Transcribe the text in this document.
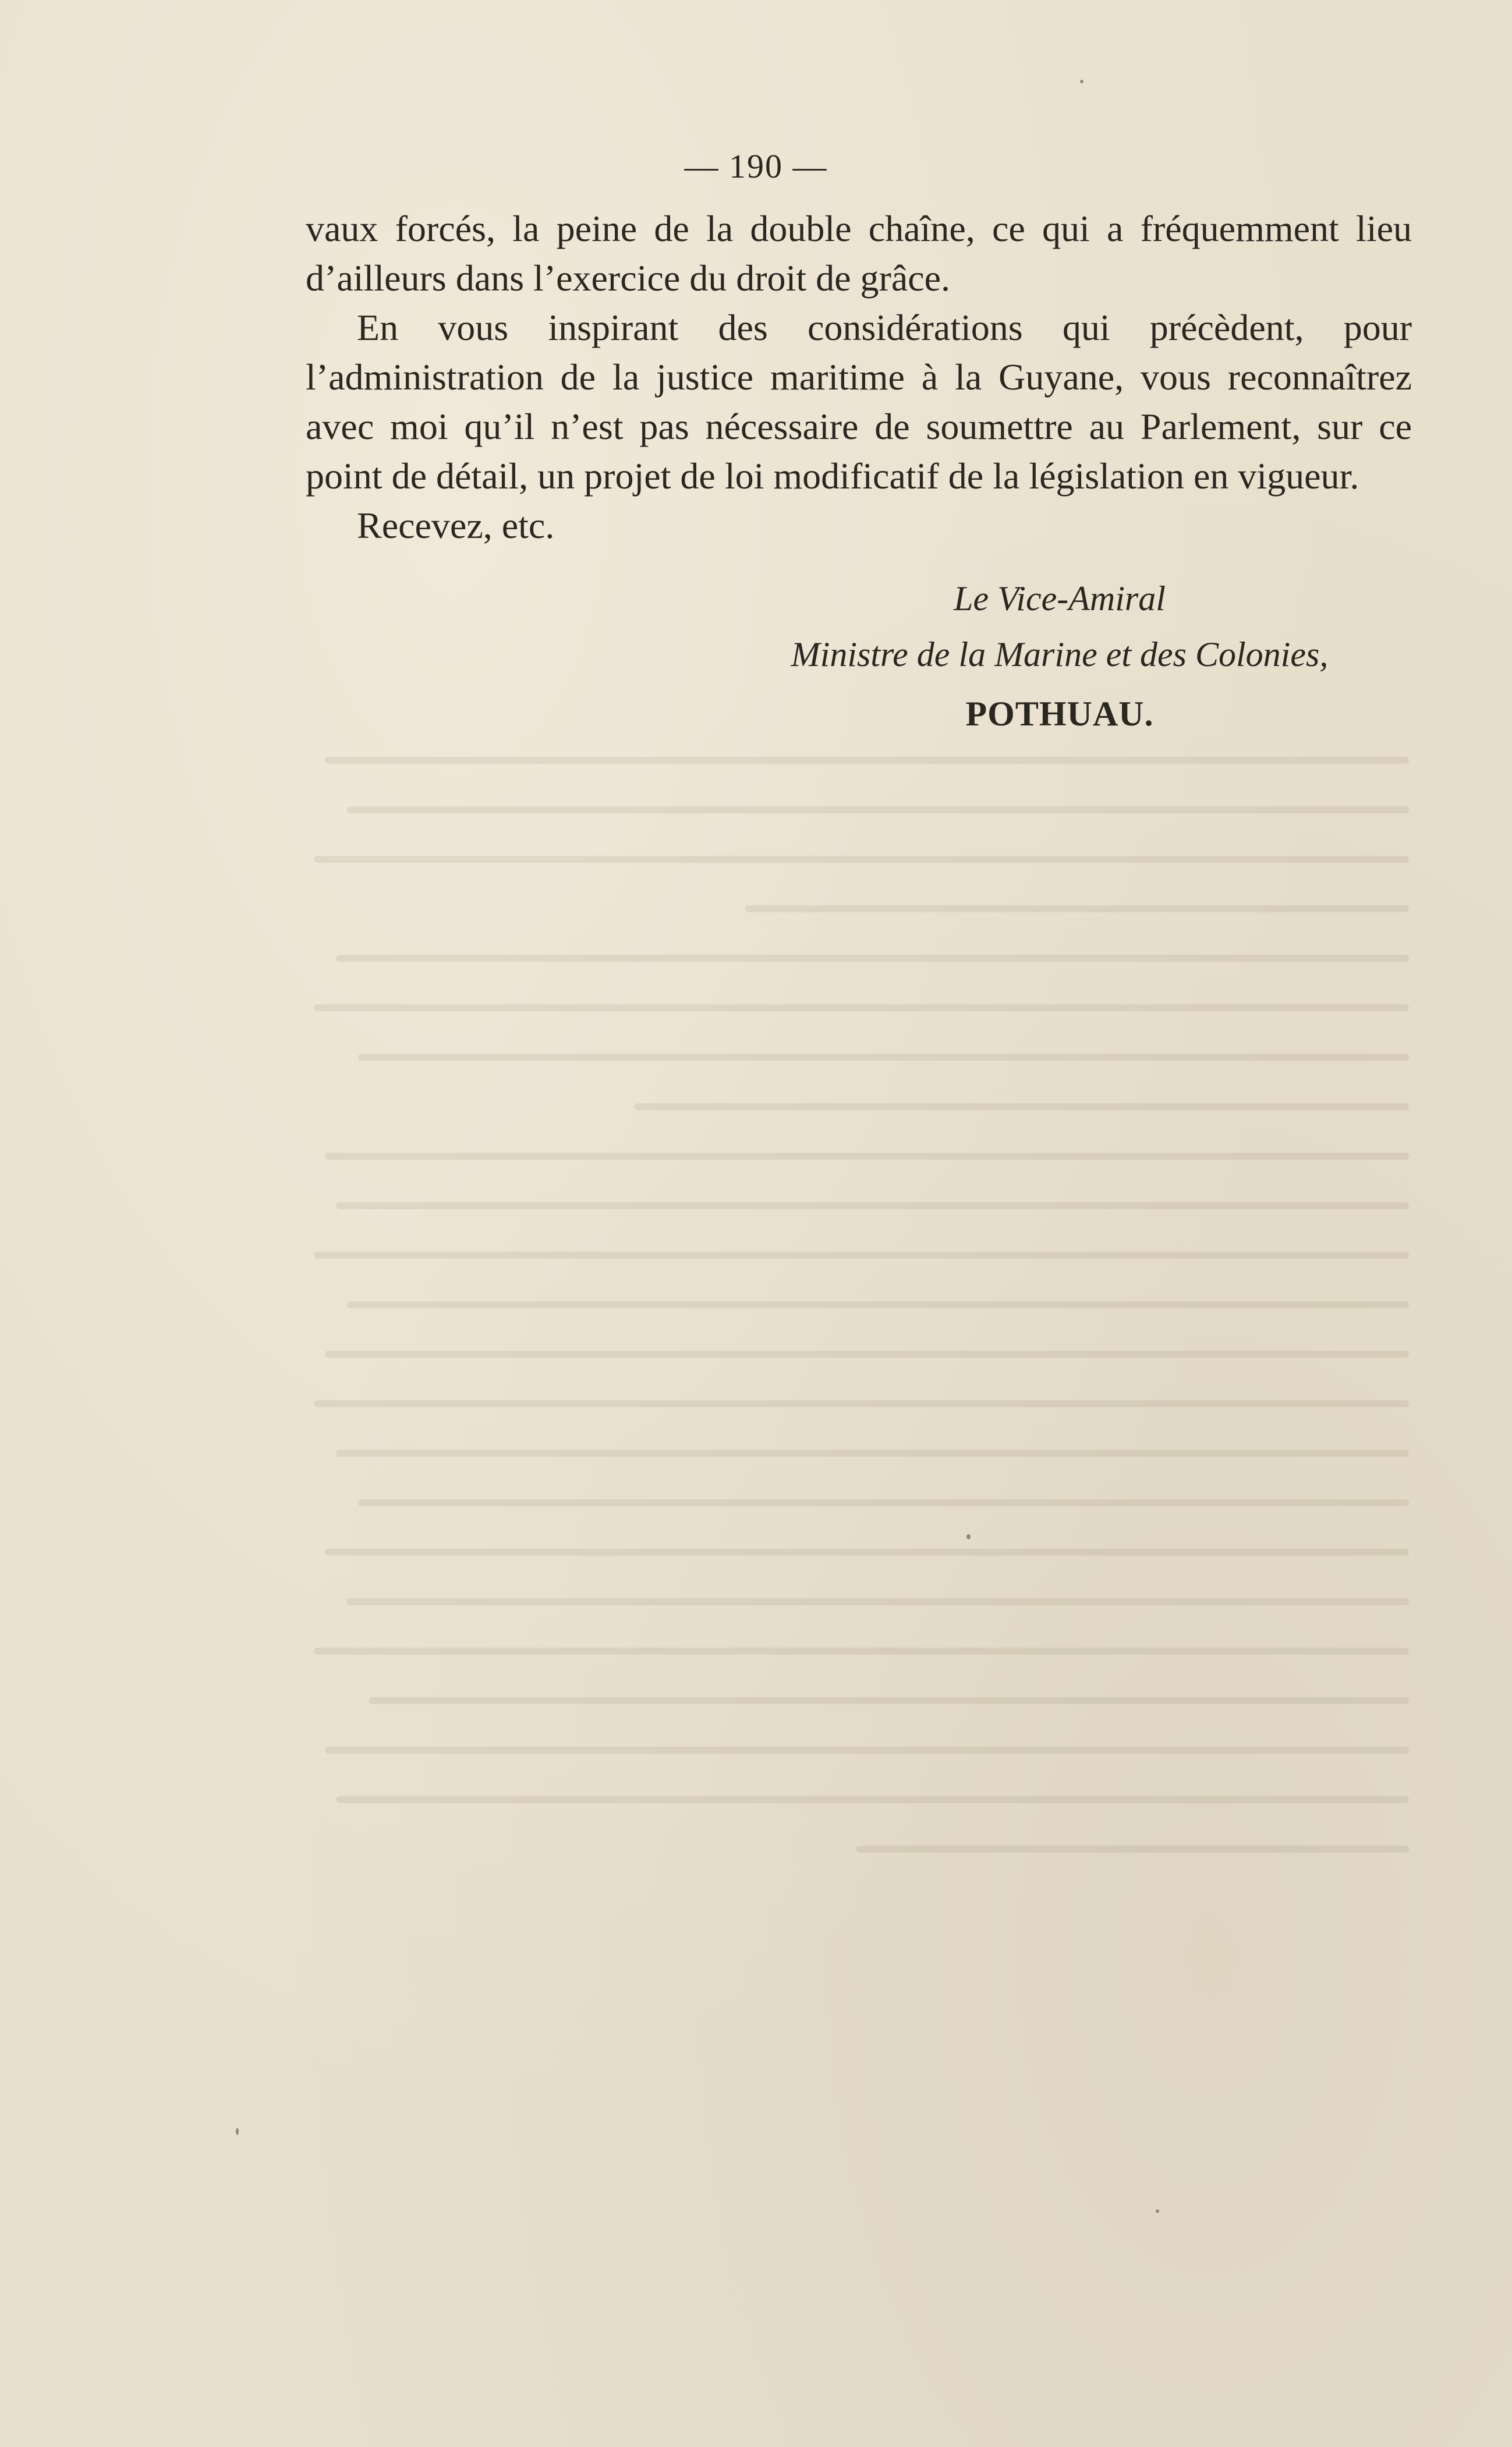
— 190 —

vaux forcés, la peine de la double chaîne, ce qui a fréquemment lieu d’ailleurs dans l’exercice du droit de grâce.

En vous inspirant des considérations qui précèdent, pour l’administration de la justice maritime à la Guyane, vous reconnaîtrez avec moi qu’il n’est pas nécessaire de soumettre au Parlement, sur ce point de détail, un projet de loi modificatif de la législation en vigueur.

Recevez, etc.

Le Vice-Amiral
Ministre de la Marine et des Colonies,
POTHUAU.
